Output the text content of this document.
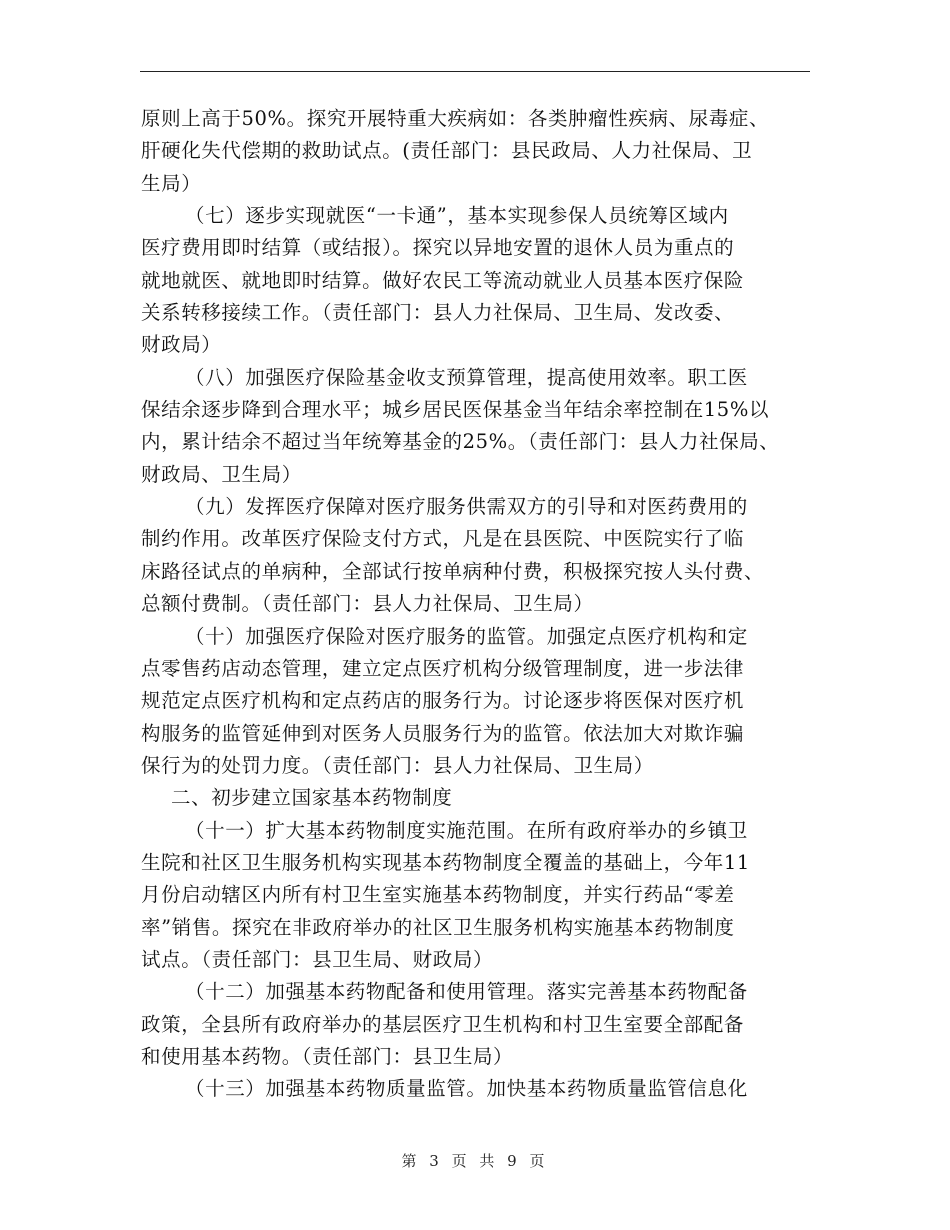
原则上高于50%。探究开展特重大疾病如：各类肿瘤性疾病、尿毒症、
肝硬化失代偿期的救助试点。(责任部门：县民政局、人力社保局、卫
生局）
（七）逐步实现就医“一卡通”，基本实现参保人员统筹区域内
医疗费用即时结算（或结报）。探究以异地安置的退休人员为重点的
就地就医、就地即时结算。做好农民工等流动就业人员基本医疗保险
关系转移接续工作。（责任部门：县人力社保局、卫生局、发改委、
财政局）
（八）加强医疗保险基金收支预算管理，提高使用效率。职工医
保结余逐步降到合理水平；城乡居民医保基金当年结余率控制在15%以
内，累计结余不超过当年统筹基金的25%。（责任部门：县人力社保局、
财政局、卫生局）
（九）发挥医疗保障对医疗服务供需双方的引导和对医药费用的
制约作用。改革医疗保险支付方式，凡是在县医院、中医院实行了临
床路径试点的单病种，全部试行按单病种付费，积极探究按人头付费、
总额付费制。（责任部门：县人力社保局、卫生局）
（十）加强医疗保险对医疗服务的监管。加强定点医疗机构和定
点零售药店动态管理，建立定点医疗机构分级管理制度，进一步法律
规范定点医疗机构和定点药店的服务行为。讨论逐步将医保对医疗机
构服务的监管延伸到对医务人员服务行为的监管。依法加大对欺诈骗
保行为的处罚力度。（责任部门：县人力社保局、卫生局）
二、初步建立国家基本药物制度
（十一）扩大基本药物制度实施范围。在所有政府举办的乡镇卫
生院和社区卫生服务机构实现基本药物制度全覆盖的基础上，今年11
月份启动辖区内所有村卫生室实施基本药物制度，并实行药品“零差
率”销售。探究在非政府举办的社区卫生服务机构实施基本药物制度
试点。（责任部门：县卫生局、财政局）
（十二）加强基本药物配备和使用管理。落实完善基本药物配备
政策，全县所有政府举办的基层医疗卫生机构和村卫生室要全部配备
和使用基本药物。（责任部门：县卫生局）
（十三）加强基本药物质量监管。加快基本药物质量监管信息化
第 3 页 共 9 页
